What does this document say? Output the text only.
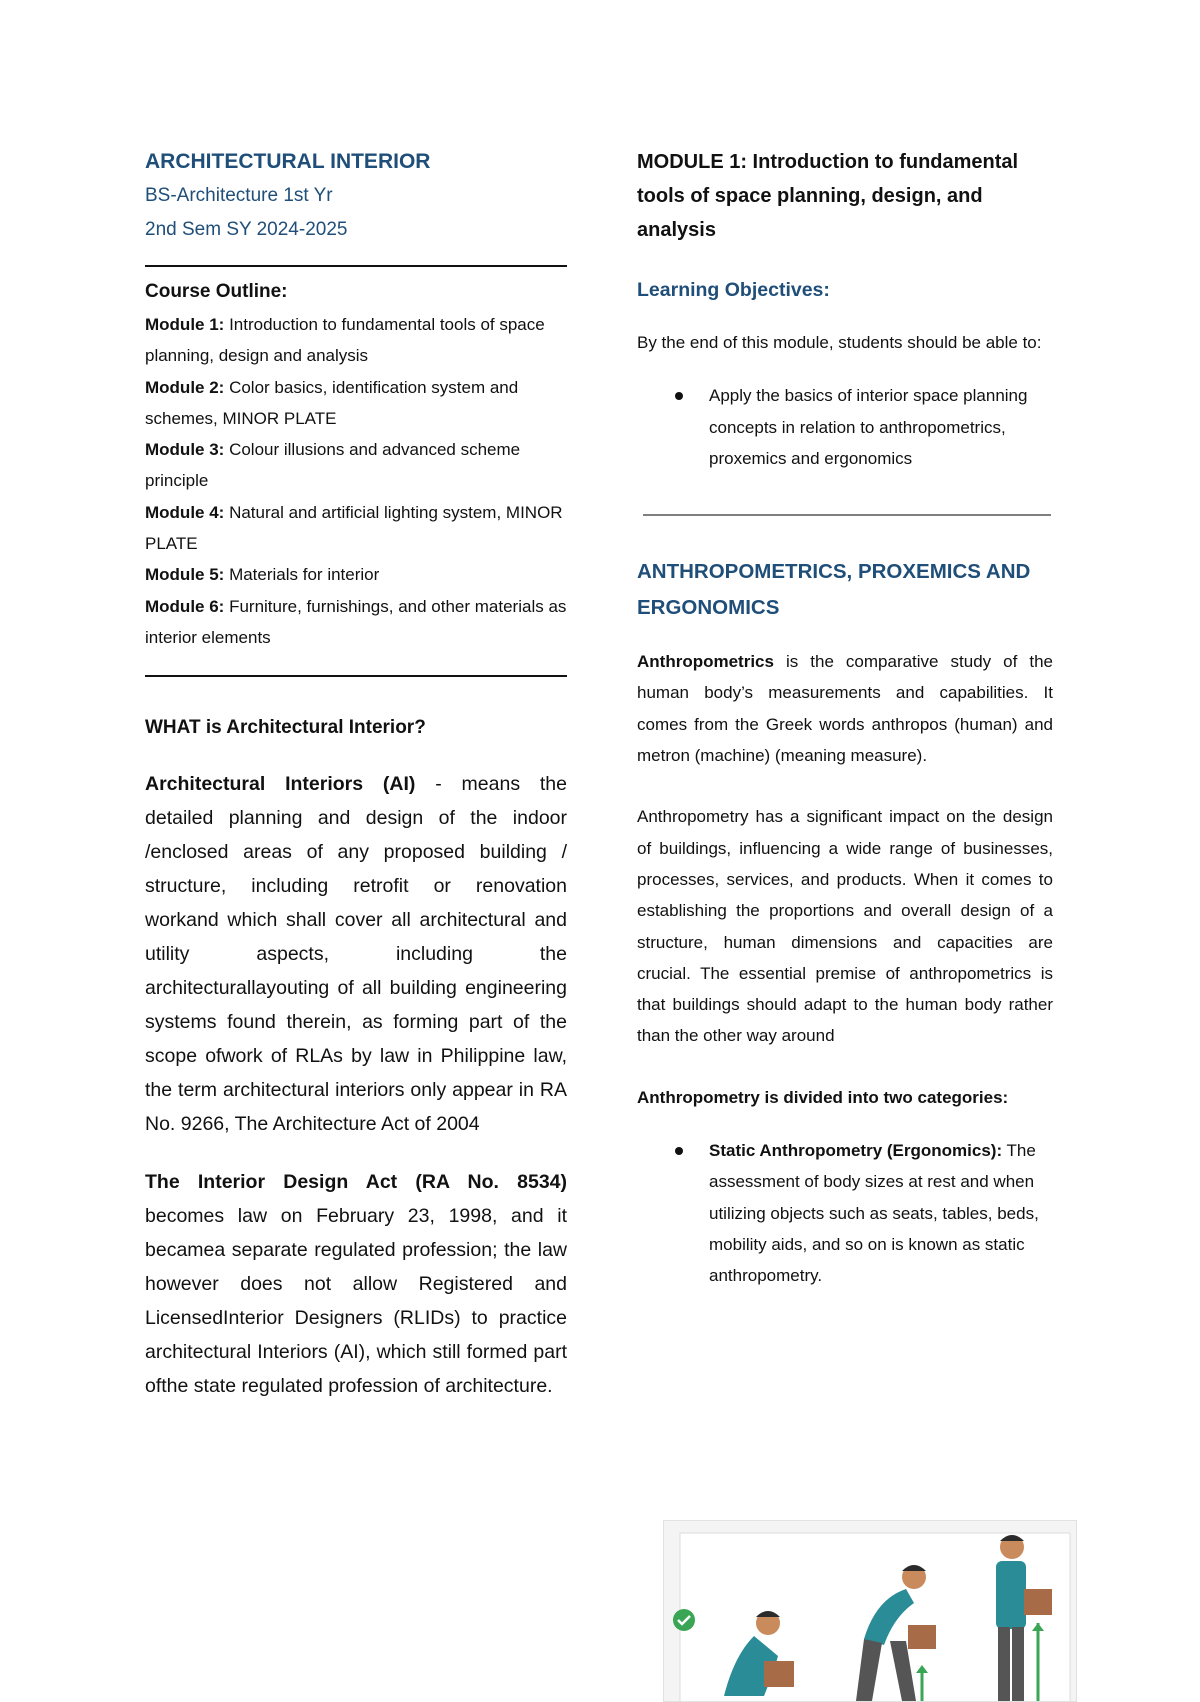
ARCHITECTURAL INTERIOR

BS-Architecture 1st Yr

2nd Sem SY 2024-2025

Course Outline:
Module 1: Introduction to fundamental tools of space planning, design and analysis
Module 2: Color basics, identification system and schemes, MINOR PLATE
Module 3: Colour illusions and advanced scheme principle
Module 4: Natural and artificial lighting system, MINOR PLATE
Module 5: Materials for interior
Module 6: Furniture, furnishings, and other materials as interior elements
WHAT is Architectural Interior?

Architectural Interiors (AI) - means the detailed planning and design of the indoor /enclosed areas of any proposed building / structure, including retrofit or renovation workand which shall cover all architectural and utility aspects, including the architecturallayouting of all building engineering systems found therein, as forming part of the scope ofwork of RLAs by law in Philippine law, the term architectural interiors only appear in RA No. 9266, The Architecture Act of 2004

The Interior Design Act (RA No. 8534) becomes law on February 23, 1998, and it becamea separate regulated profession; the law however does not allow Registered and LicensedInterior Designers (RLIDs) to practice architectural Interiors (AI), which still formed part ofthe state regulated profession of architecture.

MODULE 1: Introduction to fundamental tools of space planning, design, and analysis

Learning Objectives:

By the end of this module, students should be able to:

Apply the basics of interior space planning concepts in relation to anthropometrics, proxemics and ergonomics

ANTHROPOMETRICS, PROXEMICS AND ERGONOMICS

Anthropometrics is the comparative study of the human body’s measurements and capabilities. It comes from the Greek words anthropos (human) and metron (machine) (meaning measure).

Anthropometry has a significant impact on the design of buildings, influencing a wide range of businesses, processes, services, and products. When it comes to establishing the proportions and overall design of a structure, human dimensions and capacities are crucial. The essential premise of anthropometrics is that buildings should adapt to the human body rather than the other way around

Anthropometry is divided into two categories:

Static Anthropometry (Ergonomics): The assessment of body sizes at rest and when utilizing objects such as seats, tables, beds, mobility aids, and so on is known as static anthropometry.
